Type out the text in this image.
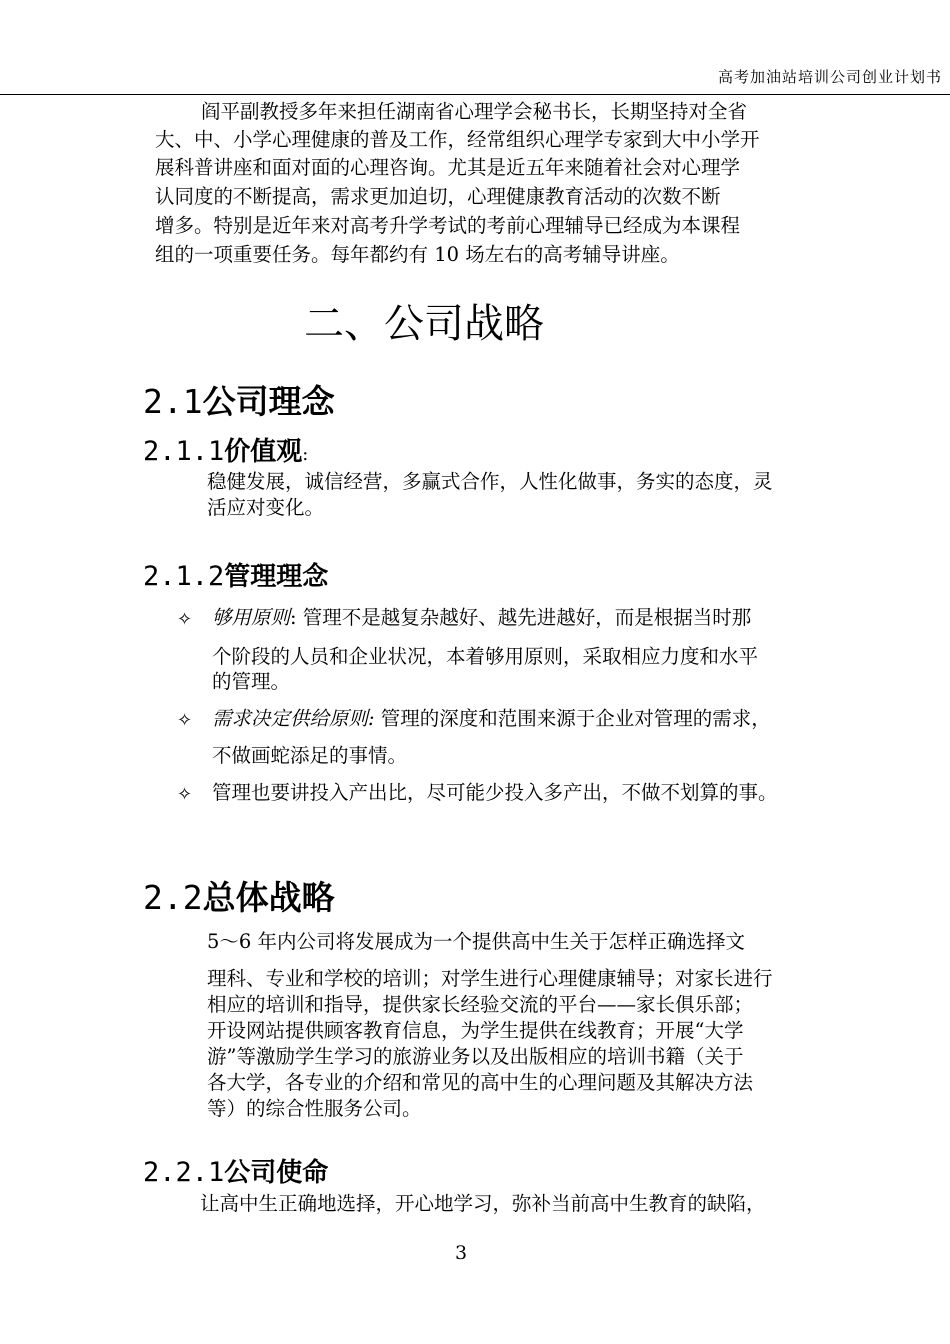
高考加油站培训公司创业计划书
阎平副教授多年来担任湖南省心理学会秘书长，长期坚持对全省
大、中、小学心理健康的普及工作，经常组织心理学专家到大中小学开
展科普讲座和面对面的心理咨询。尤其是近五年来随着社会对心理学
认同度的不断提高，需求更加迫切，心理健康教育活动的次数不断
增多。特别是近年来对高考升学考试的考前心理辅导已经成为本课程
组的一项重要任务。每年都约有 10 场左右的高考辅导讲座。
二、公司战略
2.1公司理念
2.1.1价值观:
稳健发展，诚信经营，多赢式合作，人性化做事，务实的态度，灵
活应对变化。
2.1.2管理理念
✧ 够用原则: 管理不是越复杂越好、越先进越好，而是根据当时那
个阶段的人员和企业状况，本着够用原则，采取相应力度和水平
的管理。
✧ 需求决定供给原则: 管理的深度和范围来源于企业对管理的需求，
不做画蛇添足的事情。
✧ 管理也要讲投入产出比，尽可能少投入多产出，不做不划算的事。
2.2总体战略
5～6 年内公司将发展成为一个提供高中生关于怎样正确选择文
理科、专业和学校的培训；对学生进行心理健康辅导；对家长进行
相应的培训和指导，提供家长经验交流的平台——家长俱乐部；
开设网站提供顾客教育信息，为学生提供在线教育；开展“大学
游”等激励学生学习的旅游业务以及出版相应的培训书籍（关于
各大学，各专业的介绍和常见的高中生的心理问题及其解决方法
等）的综合性服务公司。
2.2.1公司使命
让高中生正确地选择，开心地学习，弥补当前高中生教育的缺陷，
3
